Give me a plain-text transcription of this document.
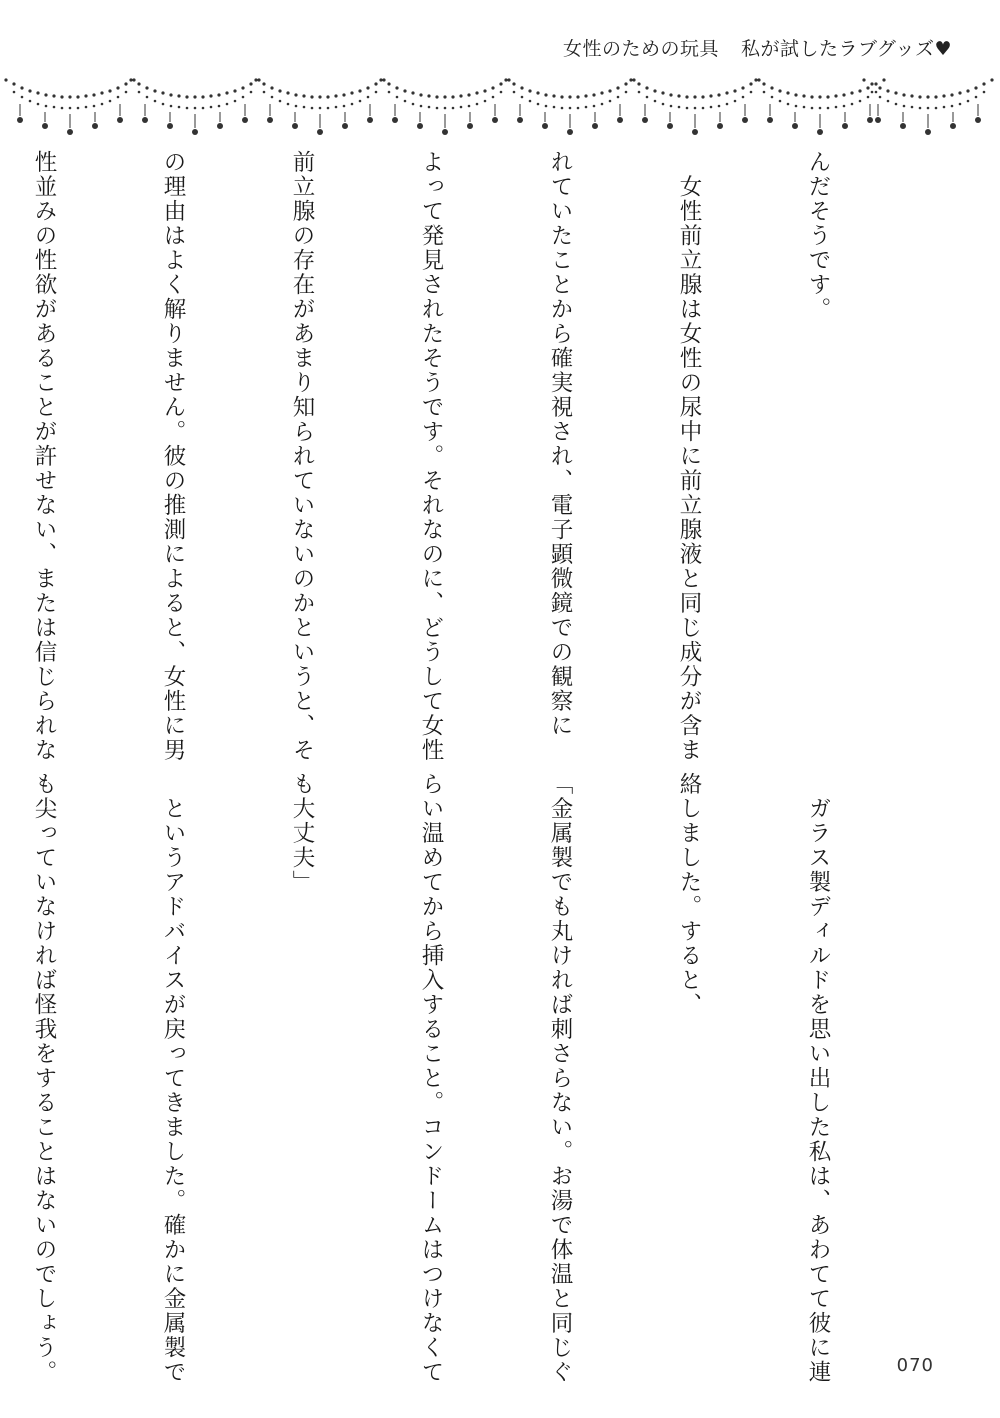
女性のための玩具 私が試したラブグッズ♥

んだそうです。

　女性前立腺は女性の尿中に前立腺液と同じ成分が含ま

れていたことから確実視され、電子顕微鏡での観察に

よって発見されたそうです。それなのに、どうして女性

前立腺の存在があまり知られていないのかというと、そ

の理由はよく解りません。彼の推測によると、女性に男

性並みの性欲があることが許せない、または信じられな

　ガラス製ディルドを思い出した私は、あわてて彼に連

絡しました。すると、

「金属製でも丸ければ刺さらない。お湯で体温と同じぐ

らい温めてから挿入すること。コンドームはつけなくて

も大丈夫」

　というアドバイスが戻ってきました。確かに金属製で

も尖っていなければ怪我をすることはないのでしょう。

	070
